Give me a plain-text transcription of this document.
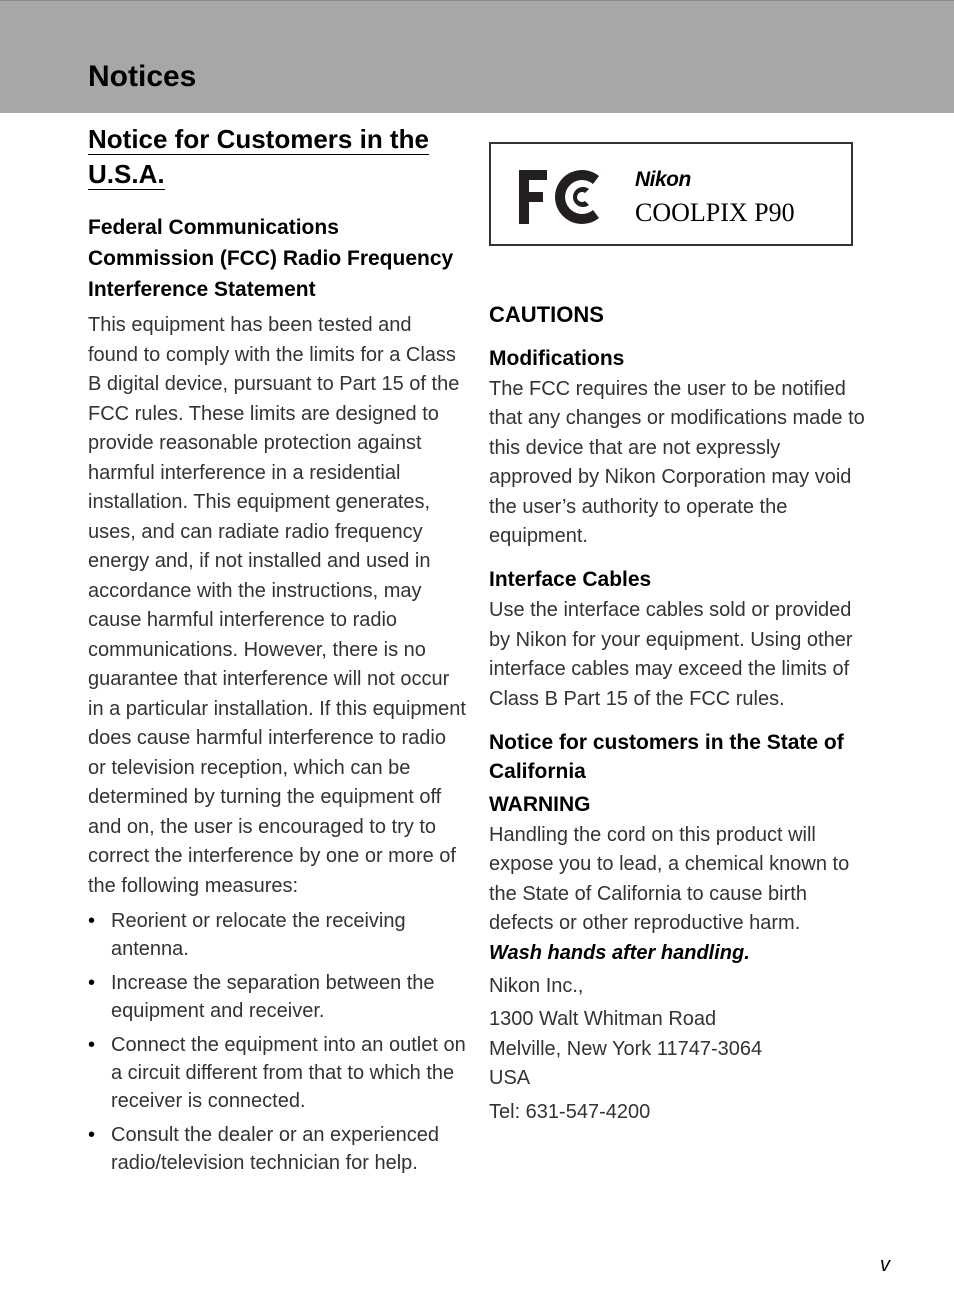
Notices
Notice for Customers in the
U.S.A.
Federal Communications Commission (FCC) Radio Frequency Interference Statement

This equipment has been tested and found to comply with the limits for a Class B digital device, pursuant to Part 15 of the FCC rules. These limits are designed to provide reasonable protection against harmful interference in a residential installation. This equipment generates, uses, and can radiate radio frequency energy and, if not installed and used in accordance with the instructions, may cause harmful interference to radio communications. However, there is no guarantee that interference will not occur in a particular installation. If this equipment does cause harmful interference to radio or television reception, which can be determined by turning the equipment off and on, the user is encouraged to try to correct the interference by one or more of the following measures:

• Reorient or relocate the receiving antenna.
• Increase the separation between the equipment and receiver.
• Connect the equipment into an outlet on a circuit different from that to which the receiver is connected.
• Consult the dealer or an experienced radio/television technician for help.
Nikon
COOLPIX P90
CAUTIONS
Modifications

The FCC requires the user to be notified that any changes or modifications made to this device that are not expressly approved by Nikon Corporation may void the user’s authority to operate the equipment.

Interface Cables

Use the interface cables sold or provided by Nikon for your equipment. Using other interface cables may exceed the limits of Class B Part 15 of the FCC rules.

Notice for customers in the State of California
WARNING

Handling the cord on this product will expose you to lead, a chemical known to the State of California to cause birth defects or other reproductive harm.

Wash hands after handling.

Nikon Inc.,

1300 Walt Whitman Road
Melville, New York 11747-3064
USA

Tel: 631-547-4200

v
